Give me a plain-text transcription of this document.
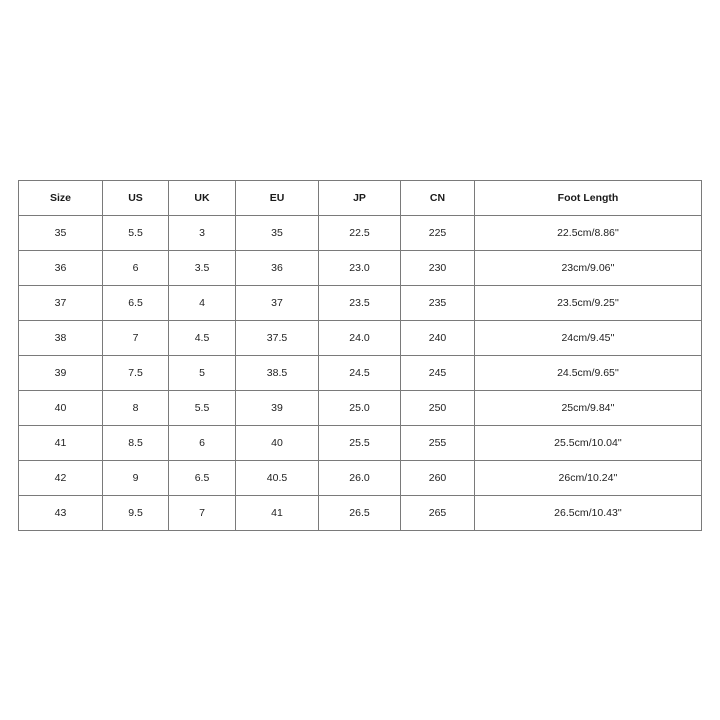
Size	US	UK	EU	JP	CN	Foot Length
35	5.5	3	35	22.5	225	22.5cm/8.86''
36	6	3.5	36	23.0	230	23cm/9.06''
37	6.5	4	37	23.5	235	23.5cm/9.25''
38	7	4.5	37.5	24.0	240	24cm/9.45''
39	7.5	5	38.5	24.5	245	24.5cm/9.65''
40	8	5.5	39	25.0	250	25cm/9.84''
41	8.5	6	40	25.5	255	25.5cm/10.04''
42	9	6.5	40.5	26.0	260	26cm/10.24''
43	9.5	7	41	26.5	265	26.5cm/10.43''
